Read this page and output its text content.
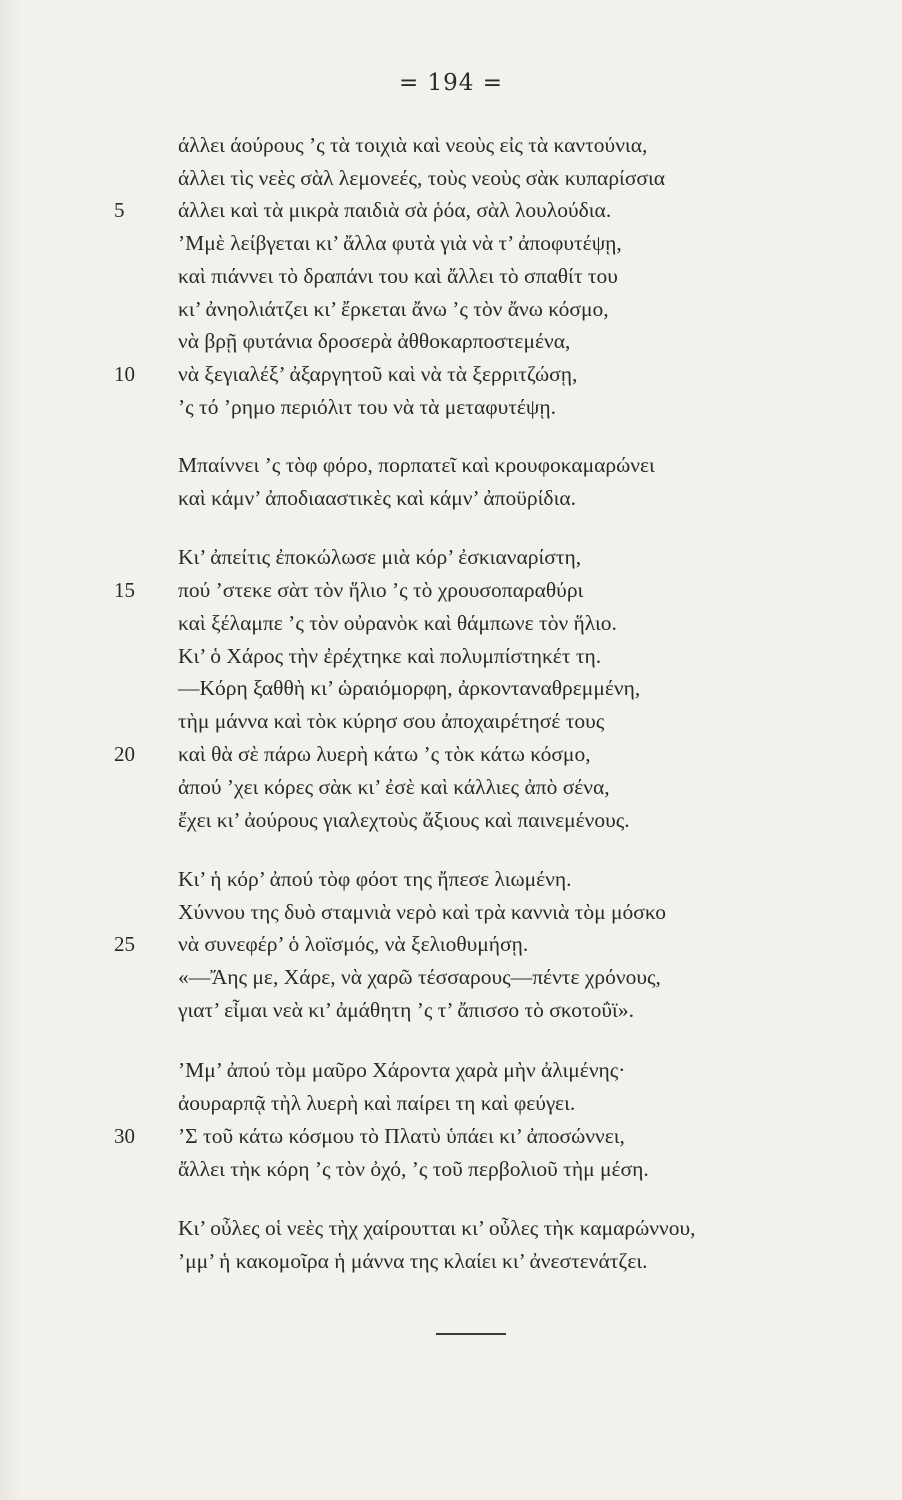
= 194 =
άλλει άούρους ’ς τὰ τοιχιὰ καὶ νεοὺς εἰς τὰ καντούνια,
άλλει τὶς νεὲς σὰλ λεμονεές, τοὺς νεοὺς σὰκ κυπαρίσσια
άλλει καὶ τὰ μικρὰ παιδιὰ σὰ ῥόα, σὰλ λουλούδια.
’Μμὲ λείβγεται κι’ ἄλλα φυτὰ γιὰ νὰ τ’ ἀποφυτέψῃ,
καὶ πιάννει τὸ δραπάνι του καὶ ἄλλει τὸ σπαθίτ του
κι’ ἀνηολιάτζει κι’ ἔρκεται ἄνω ’ς τὸν ἄνω κόσμο,
νὰ βρῇ φυτάνια δροσερὰ ἀθθοκαρποστεμένα,
νὰ ξεγιαλέξ’ ἀξαργητοῦ καὶ νὰ τὰ ξερριτζώσῃ,
’ς τό ’ρημο περιόλιτ του νὰ τὰ μεταφυτέψῃ.
Μπαίννει ’ς τὸφ φόρο, πορπατεῖ καὶ κρουφοκαμαρώνει
καὶ κάμν’ ἀποδιααστικὲς καὶ κάμν’ ἀποϋρίδια.
Κι’ ἀπείτις ἐποκώλωσε μιὰ κόρ’ ἐσκιαναρίστη,
πού ’στεκε σὰτ τὸν ἥλιο ’ς τὸ χρουσοπαραθύρι
καὶ ξέλαμπε ’ς τὸν οὐρανὸκ καὶ θάμπωνε τὸν ἥλιο.
Κι’ ὁ Χάρος τὴν ἐρέχτηκε καὶ πολυμπίστηκέτ τη.
—Κόρη ξαθθὴ κι’ ὡραιόμορφη, ἀρκονταναθρεμμένη,
τὴμ μάννα καὶ τὸκ κύρησ σου ἀποχαιρέτησέ τους
καὶ θὰ σὲ πάρω λυερὴ κάτω ’ς τὸκ κάτω κόσμο,
ἀπού ’χει κόρες σὰκ κι’ ἐσὲ καὶ κάλλιες ἀπὸ σένα,
ἔχει κι’ ἀούρους γιαλεχτοὺς ἄξιους καὶ παινεμένους.
Κι’ ἡ κόρ’ ἀπού τὸφ φόοτ της ἤπεσε λιωμένη.
Χύννου της δυὸ σταμνιὰ νερὸ καὶ τρὰ καννιὰ τὸμ μόσκο
νὰ συνεφέρ’ ὁ λοϊσμός, νὰ ξελιοθυμήσῃ.
«—Ἄης με, Χάρε, νὰ χαρῶ τέσσαρους—πέντε χρόνους,
γιατ’ εἶμαι νεὰ κι’ ἀμάθητη ’ς τ’ ἄπισσο τὸ σκοτοΰϊ».
’Μμ’ ἀπού τὸμ μαῦρο Χάροντα χαρὰ μὴν ἀλιμένης·
ἀουραρπᾷ τὴλ λυερὴ καὶ παίρει τη καὶ φεύγει.
’Σ τοῦ κάτω κόσμου τὸ Πλατὺ ὑπάει κι’ ἀποσώννει,
ἄλλει τὴκ κόρη ’ς τὸν ὀχό, ’ς τοῦ περβολιοῦ τὴμ μέση.
Κι’ οὖλες οἱ νεὲς τὴχ χαίρουτται κι’ οὖλες τὴκ καμαρώννου,
’μμ’ ἡ κακομοῖρα ἡ μάννα της κλαίει κι’ ἀνεστενάτζει.
5
10
15
20
25
30
